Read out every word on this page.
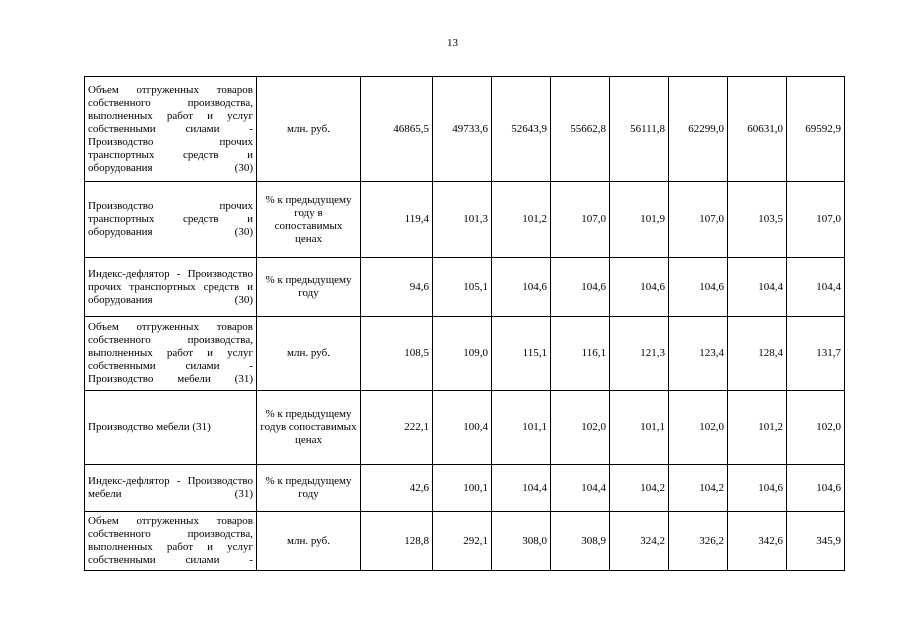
13
Объем отгруженных товаров собственного производства, выполненных работ и услуг собственными силами - Производство прочих транспортных средств и оборудования (30)	млн. руб.	46865,5	49733,6	52643,9	55662,8	56111,8	62299,0	60631,0	69592,9
Производство прочих транспортных средств и оборудования (30)	% к предыдущему году в сопоставимых ценах	119,4	101,3	101,2	107,0	101,9	107,0	103,5	107,0
Индекс-дефлятор - Производство прочих транспортных средств и оборудования (30)	% к предыдущему году	94,6	105,1	104,6	104,6	104,6	104,6	104,4	104,4
Объем отгруженных товаров собственного производства, выполненных работ и услуг собственными силами - Производство мебели (31)	млн. руб.	108,5	109,0	115,1	116,1	121,3	123,4	128,4	131,7
Производство мебели (31)	% к предыдущему годув сопоставимых ценах	222,1	100,4	101,1	102,0	101,1	102,0	101,2	102,0
Индекс-дефлятор - Производство мебели (31)	% к предыдущему году	42,6	100,1	104,4	104,4	104,2	104,2	104,6	104,6
Объем отгруженных товаров собственного производства, выполненных работ и услуг собственными силами -	млн. руб.	128,8	292,1	308,0	308,9	324,2	326,2	342,6	345,9
